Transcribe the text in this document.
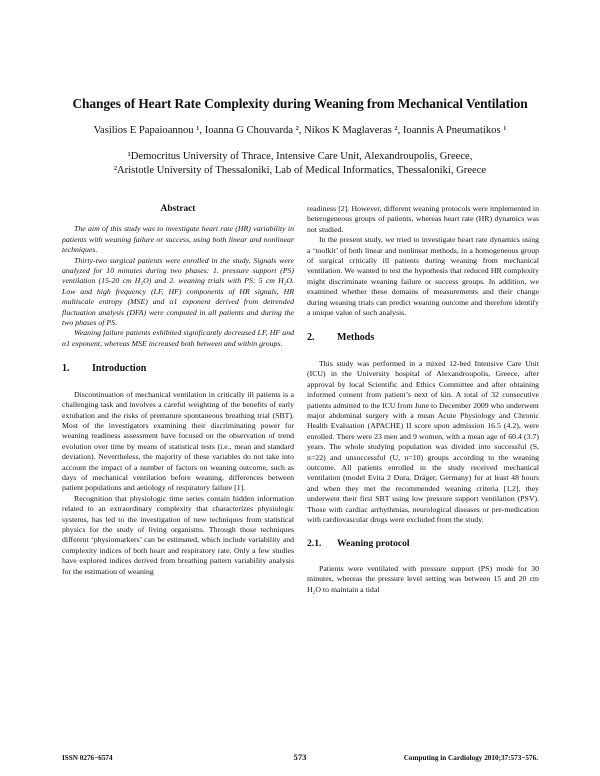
Changes of Heart Rate Complexity during Weaning from Mechanical Ventilation
Vasilios E Papaioannou ¹, Ioanna G Chouvarda ², Nikos K Maglaveras ², Ioannis A Pneumatikos ¹
¹Democritus University of Thrace, Intensive Care Unit, Alexandroupolis, Greece,
²Aristotle University of Thessaloniki, Lab of Medical Informatics, Thessaloniki, Greece
Abstract

The aim of this study was to investigate heart rate (HR) variability in patients with weaning failure or success, using both linear and nonlinear techniques.

Thirty-two surgical patients were enrolled in the study. Signals were analyzed for 10 minutes during two phases: 1. pressure support (PS) ventilation (15-20 cm H₂O) and 2. weaning trials with PS: 5 cm H₂O. Low and high frequency (LF, HF) components of HR signals, HR multiscale entropy (MSE) and α1 exponent derived from detrended fluctuation analysis (DFA) were computed in all patients and during the two phases of PS.

Weaning failure patients exhibited significantly decreased LF, HF and α1 exponent, whereas MSE increased both between and within groups.

1. Introduction

Discontinuation of mechanical ventilation in critically ill patients is a challenging task and involves a careful weighting of the benefits of early extubation and the risks of premature spontaneous breathing trial (SBT). Most of the investigators examining their discriminating power for weaning readiness assessment have focused on the observation of trend evolution over time by means of statistical tests (i.e., mean and standard deviation). Nevertheless, the majority of these variables do not take into account the impact of a number of factors on weaning outcome, such as days of mechanical ventilation before weaning, differences between patient populations and aetiology of respiratory failure [1].

Recognition that physiologic time series contain hidden information related to an extraordinary complexity that characterizes physiologic systems, has led to the investigation of new techniques from statistical physics for the study of living organisms. Through those techniques different ‘physiomarkers’ can be estimated, which include variability and complexity indices of both heart and respiratory rate. Only a few studies have explored indices derived from breathing pattern variability analysis for the estimation of weaning

readiness [2]. However, different weaning protocols were implemented in heterogeneous groups of patients, whereas heart rate (HR) dynamics was not studied.

In the present study, we tried to investigate heart rate dynamics using a ‘toolkit’ of both linear and nonlinear methods, in a homogeneous group of surgical critically ill patients during weaning from mechanical ventilation. We wanted to test the hypothesis that reduced HR complexity might discriminate weaning failure or success groups. In addition, we examined whether these domains of measurements and their change during weaning trials can predict weaning outcome and therefore identify a unique value of such analysis.

2. Methods

This study was performed in a mixed 12-bed Intensive Care Unit (ICU) in the University hospital of Alexandroupolis, Greece, after approval by local Scientific and Ethics Committee and after obtaining informed consent from patient’s next of kin. A total of 32 consecutive patients admitted to the ICU from June to December 2009 who underwent major abdominal surgery with a mean Acute Physiology and Chronic Health Evaluation (APACHE) II score upon admission 16.5 (4.2), were enrolled. There were 23 men and 9 women, with a mean age of 60.4 (3.7) years. The whole studying population was divided into successful (S, n=22) and unsuccessful (U, n=10) groups according to the weaning outcome. All patients enrolled in the study received mechanical ventilation (model Evita 2 Dura, Dräger, Germany) for at least 48 hours and when they met the recommended weaning criteria [1,2], they underwent their first SBT using low pressure support ventilation (PSV). Those with cardiac arrhythmias, neurological diseases or pre-medication with cardiovascular drugs were excluded from the study.

2.1. Weaning protocol

Patients were ventilated with pressure support (PS) mode for 30 minutes, whereas the pressure level setting was between 15 and 20 cm H₂O to maintain a tidal

ISSN 0276−6574	573	Computing in Cardiology 2010;37:573−576.
